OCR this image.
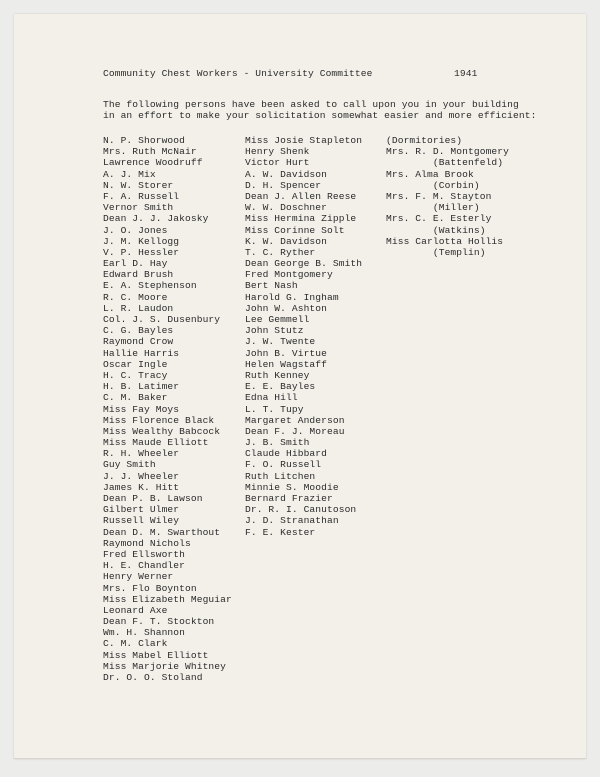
Community Chest Workers - University Committee	1941
The following persons have been asked to call upon you in your building
in an effort to make your solicitation somewhat easier and more efficient:
N. P. Shorwood
Mrs. Ruth McNair
Lawrence Woodruff
A. J. Mix
N. W. Storer
F. A. Russell
Vernor Smith
Dean J. J. Jakosky
J. O. Jones
J. M. Kellogg
V. P. Hessler
Earl D. Hay
Edward Brush
E. A. Stephenson
R. C. Moore
L. R. Laudon
Col. J. S. Dusenbury
C. G. Bayles
Raymond Crow
Hallie Harris
Oscar Ingle
H. C. Tracy
H. B. Latimer
C. M. Baker
Miss Fay Moys
Miss Florence Black
Miss Wealthy Babcock
Miss Maude Elliott
R. H. Wheeler
Guy Smith
J. J. Wheeler
James K. Hitt
Dean P. B. Lawson
Gilbert Ulmer
Russell Wiley
Dean D. M. Swarthout
Raymond Nichols
Fred Ellsworth
H. E. Chandler
Henry Werner
Mrs. Flo Boynton
Miss Elizabeth Meguiar
Leonard Axe
Dean F. T. Stockton
Wm. H. Shannon
C. M. Clark
Miss Mabel Elliott
Miss Marjorie Whitney
Dr. O. O. Stoland
Miss Josie Stapleton
Henry Shenk
Victor Hurt
A. W. Davidson
D. H. Spencer
Dean J. Allen Reese
W. W. Doschner
Miss Hermina Zipple
Miss Corinne Solt
K. W. Davidson
T. C. Ryther
Dean George B. Smith
Fred Montgomery
Bert Nash
Harold G. Ingham
John W. Ashton
Lee Gemmell
John Stutz
J. W. Twente
John B. Virtue
Helen Wagstaff
Ruth Kenney
E. E. Bayles
Edna Hill
L. T. Tupy
Margaret Anderson
Dean F. J. Moreau
J. B. Smith
Claude Hibbard
F. O. Russell
Ruth Litchen
Minnie S. Moodie
Bernard Frazier
Dr. R. I. Canutoson
J. D. Stranathan
F. E. Kester
(Dormitories)
Mrs. R. D. Montgomery
(Battenfeld)
Mrs. Alma Brook
(Corbin)
Mrs. F. M. Stayton
(Miller)
Mrs. C. E. Esterly
(Watkins)
Miss Carlotta Hollis
(Templin)
